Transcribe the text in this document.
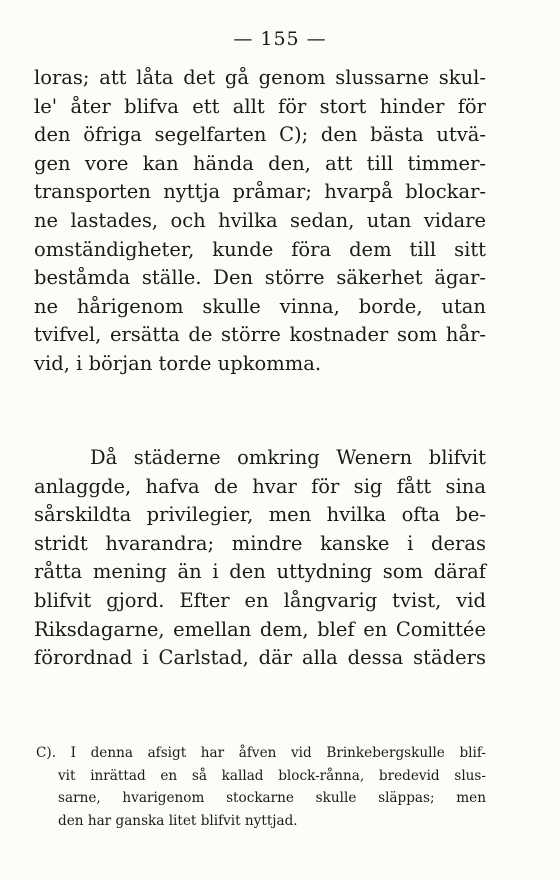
— 155 —
loras; att låta det gå genom slussarne skul-
le' åter blifva ett allt för stort hinder för
den öfriga segelfarten C); den bästa utvä-
gen vore kan hända den, att till timmer-
transporten nyttja pråmar; hvarpå blockar-
ne lastades, och hvilka sedan, utan vidare
omständigheter, kunde föra dem till sitt
beståmda ställe. Den större säkerhet ägar-
ne hårigenom skulle vinna, borde, utan
tvifvel, ersätta de större kostnader som hår-
vid, i början torde upkomma.
Då städerne omkring Wenern blifvit
anlaggde, hafva de hvar för sig fått sina
sårskildta privilegier, men hvilka ofta be-
stridt hvarandra; mindre kanske i deras
råtta mening än i den uttydning som däraf
blifvit gjord. Efter en långvarig tvist, vid
Riksdagarne, emellan dem, blef en Comittée
förordnad i Carlstad, där alla dessa städers
C). I denna afsigt har åfven vid Brinkebergskulle blif-
vit inrättad en så kallad block-rånna, bredevid slus-
sarne, hvarigenom stockarne skulle släppas; men
den har ganska litet blifvit nyttjad.
